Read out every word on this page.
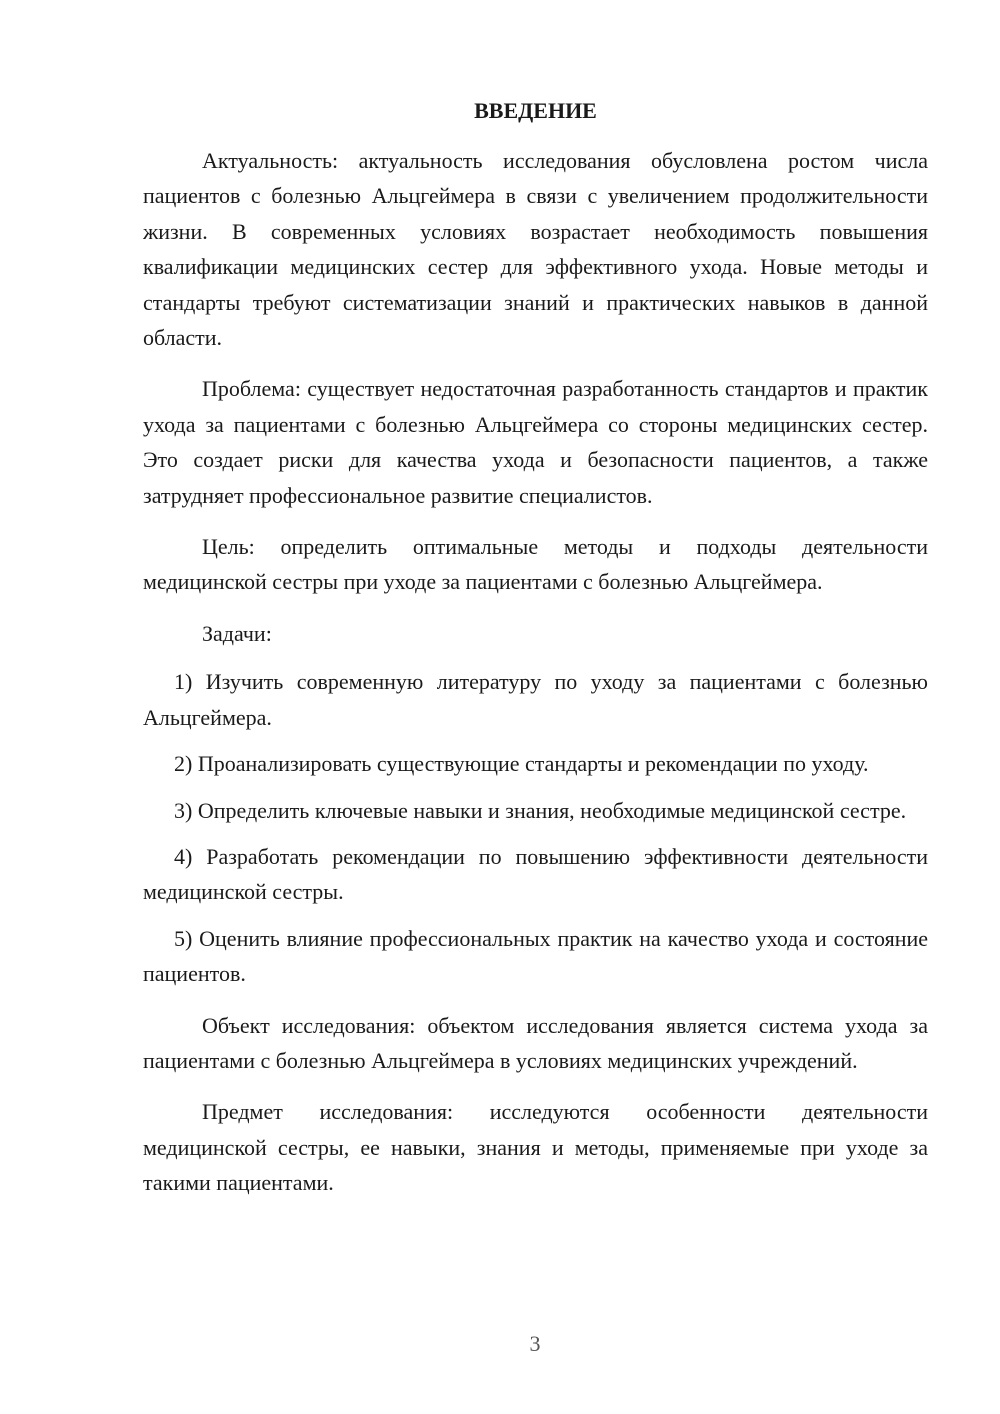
ВВЕДЕНИЕ

Актуальность: актуальность исследования обусловлена ростом числа пациентов с болезнью Альцгеймера в связи с увеличением продолжительности жизни. В современных условиях возрастает необходимость повышения квалификации медицинских сестер для эффективного ухода. Новые методы и стандарты требуют систематизации знаний и практических навыков в данной области.

Проблема: существует недостаточная разработанность стандартов и практик ухода за пациентами с болезнью Альцгеймера со стороны медицинских сестер. Это создает риски для качества ухода и безопасности пациентов, а также затрудняет профессиональное развитие специалистов.

Цель: определить оптимальные методы и подходы деятельности медицинской сестры при уходе за пациентами с болезнью Альцгеймера.

Задачи:

1) Изучить современную литературу по уходу за пациентами с болезнью Альцгеймера.

2) Проанализировать существующие стандарты и рекомендации по уходу.

3) Определить ключевые навыки и знания, необходимые медицинской сестре.

4) Разработать рекомендации по повышению эффективности деятельности медицинской сестры.

5) Оценить влияние профессиональных практик на качество ухода и состояние пациентов.

Объект исследования: объектом исследования является система ухода за пациентами с болезнью Альцгеймера в условиях медицинских учреждений.

Предмет исследования: исследуются особенности деятельности медицинской сестры, ее навыки, знания и методы, применяемые при уходе за такими пациентами.

3
